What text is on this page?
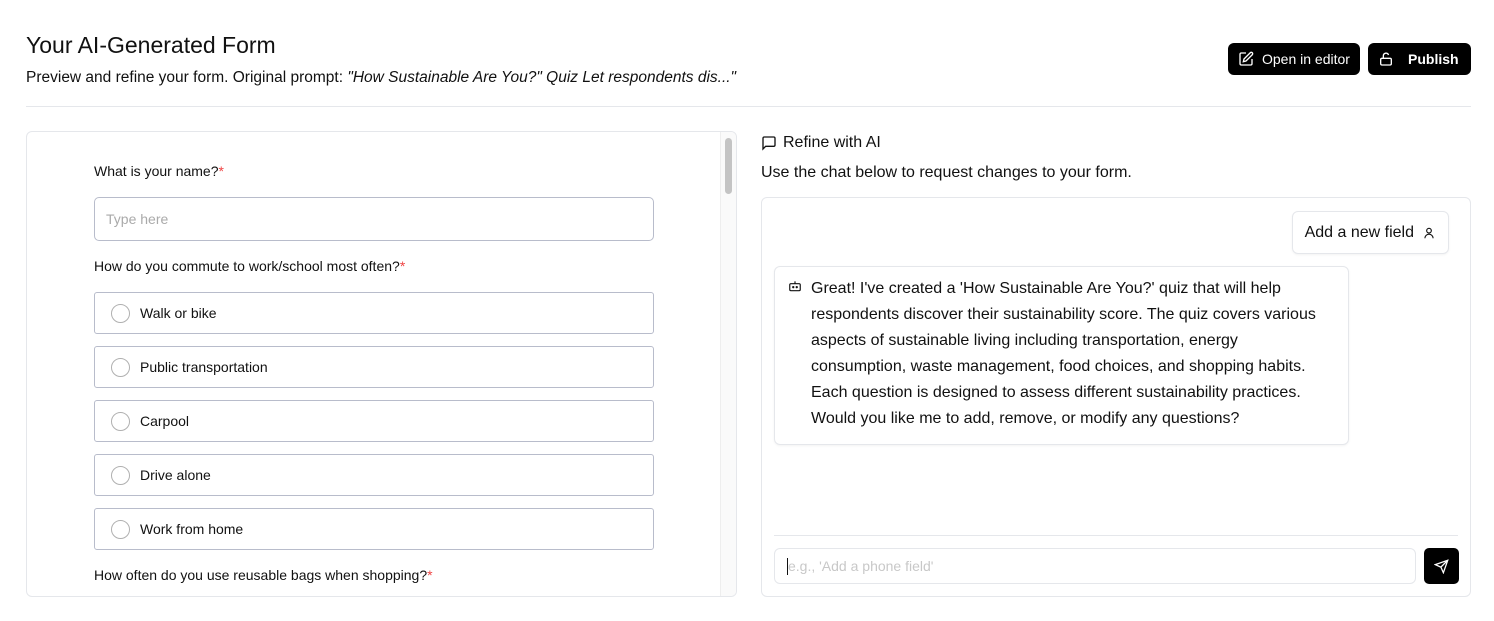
Your AI-Generated Form
Preview and refine your form. Original prompt: "How Sustainable Are You?" Quiz Let respondents dis..."
Open in editor	Publish
What is your name?*
Type here
How do you commute to work/school most often?*
Walk or bike
Public transportation
Carpool
Drive alone
Work from home
How often do you use reusable bags when shopping?*
Refine with AI
Use the chat below to request changes to your form.
Add a new field
Great! I've created a 'How Sustainable Are You?' quiz that will help respondents discover their sustainability score. The quiz covers various aspects of sustainable living including transportation, energy consumption, waste management, food choices, and shopping habits. Each question is designed to assess different sustainability practices. Would you like me to add, remove, or modify any questions?
e.g., 'Add a phone field'
